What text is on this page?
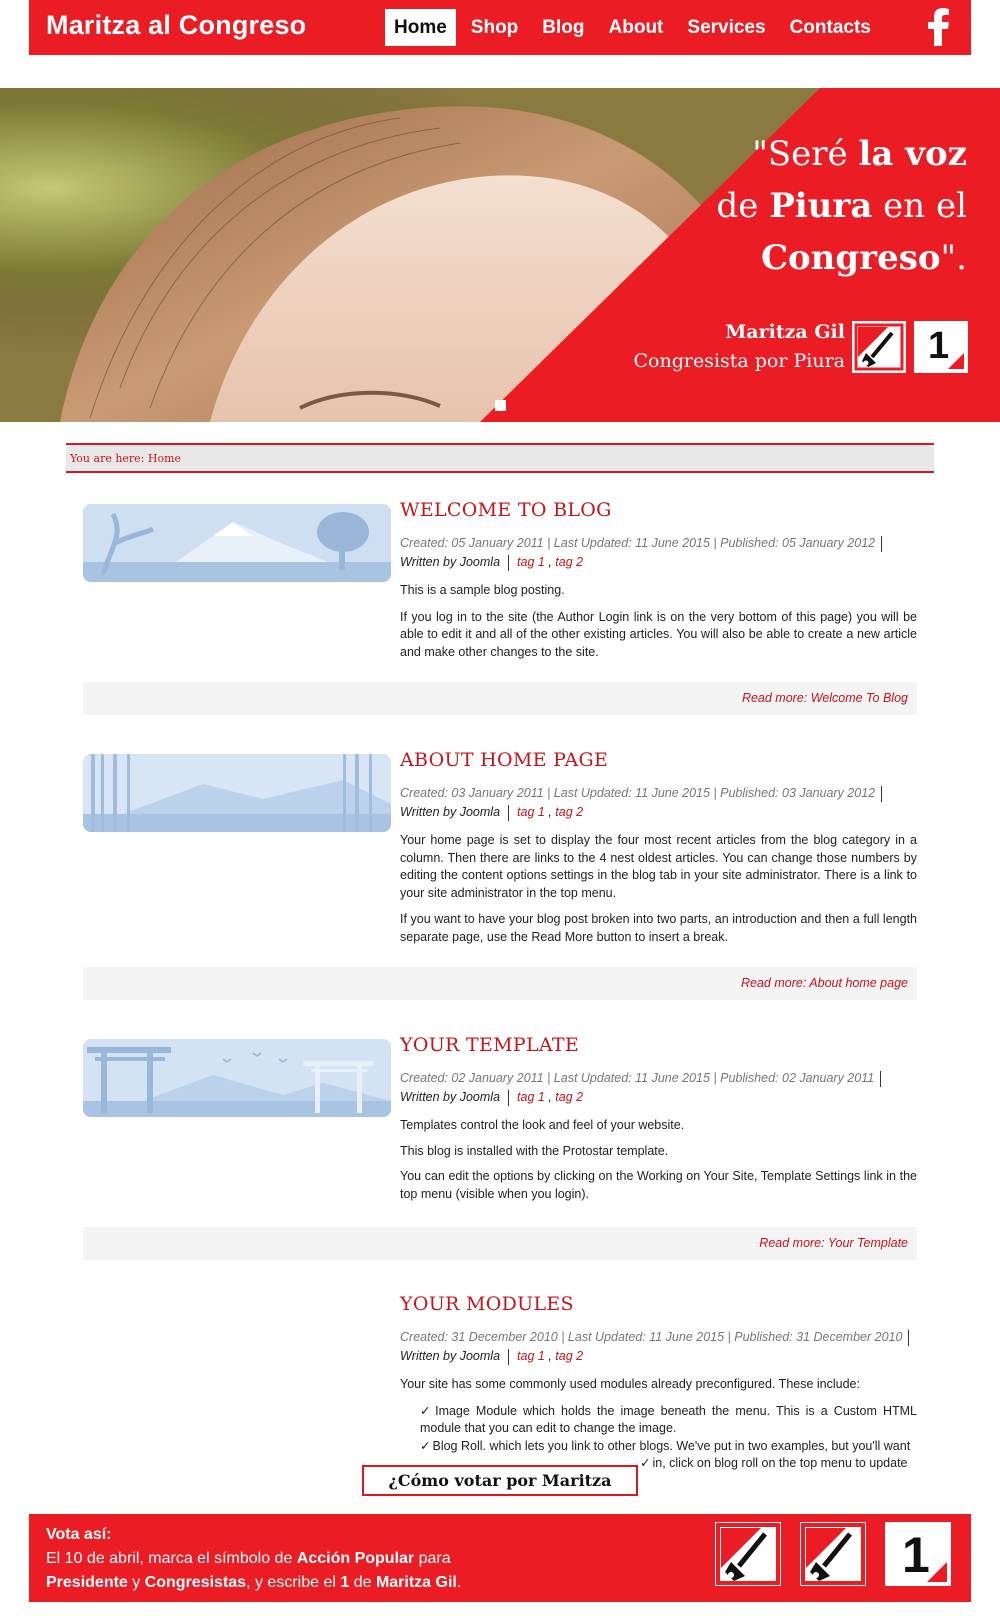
Maritza al Congreso	Home	Shop	Blog	About	Services	Contacts
"Seré la voz
de Piura en el
Congreso".
Maritza Gil
Congresista por Piura 1
You are here: Home
WELCOME TO BLOG
Created: 05 January 2011 | Last Updated: 11 June 2015 | Published: 05 January 2012
Written by Joomla tag 1 , tag 2

This is a sample blog posting.

If you log in to the site (the Author Login link is on the very bottom of this page) you will be able to edit it and all of the other existing articles. You will also be able to create a new article and make other changes to the site.

Read more: Welcome To Blog
ABOUT HOME PAGE
Created: 03 January 2011 | Last Updated: 11 June 2015 | Published: 03 January 2012
Written by Joomla tag 1 , tag 2

Your home page is set to display the four most recent articles from the blog category in a column. Then there are links to the 4 nest oldest articles. You can change those numbers by editing the content options settings in the blog tab in your site administrator. There is a link to your site administrator in the top menu.

If you want to have your blog post broken into two parts, an introduction and then a full length separate page, use the Read More button to insert a break.

Read more: About home page
YOUR TEMPLATE
Created: 02 January 2011 | Last Updated: 11 June 2015 | Published: 02 January 2011
Written by Joomla tag 1 , tag 2

Templates control the look and feel of your website.

This blog is installed with the Protostar template.

You can edit the options by clicking on the Working on Your Site, Template Settings link in the top menu (visible when you login).

Read more: Your Template
YOUR MODULES
Created: 31 December 2010 | Last Updated: 11 June 2015 | Published: 31 December 2010
Written by Joomla tag 1 , tag 2

Your site has some commonly used modules already preconfigured. These include:

✓ Image Module which holds the image beneath the menu. This is a Custom HTML module that you can edit to change the image.
✓ Blog Roll. which lets you link to other blogs. We've put in two examples, but you'll want
✓ in, click on blog roll on the top menu to update
¿Cómo votar por Maritza
Vota así:
El 10 de abril, marca el símbolo de Acción Popular para
Presidente y Congresistas, y escribe el 1 de Maritza Gil.	1
